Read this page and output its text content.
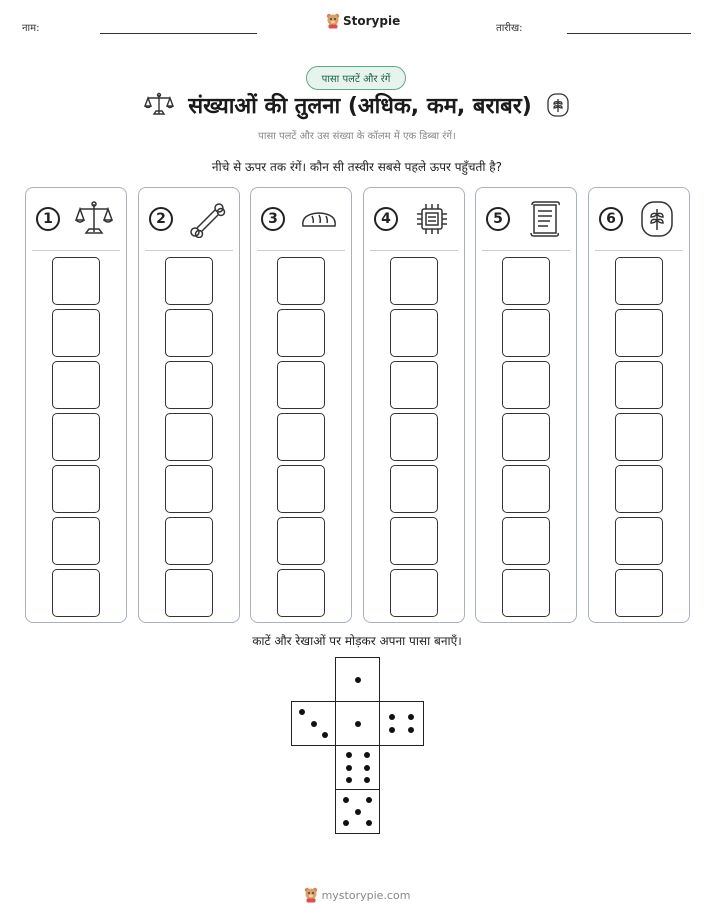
नाम:
Storypie
तारीख:
पासा पलटें और रंगें
संख्याओं की तुलना (अधिक, कम, बराबर)
पासा पलटें और उस संख्या के कॉलम में एक डिब्बा रंगें।
नीचे से ऊपर तक रंगें। कौन सी तस्वीर सबसे पहले ऊपर पहुँचती है?
1	2	3	4	5	6
काटें और रेखाओं पर मोड़कर अपना पासा बनाएँ।
mystorypie.com
